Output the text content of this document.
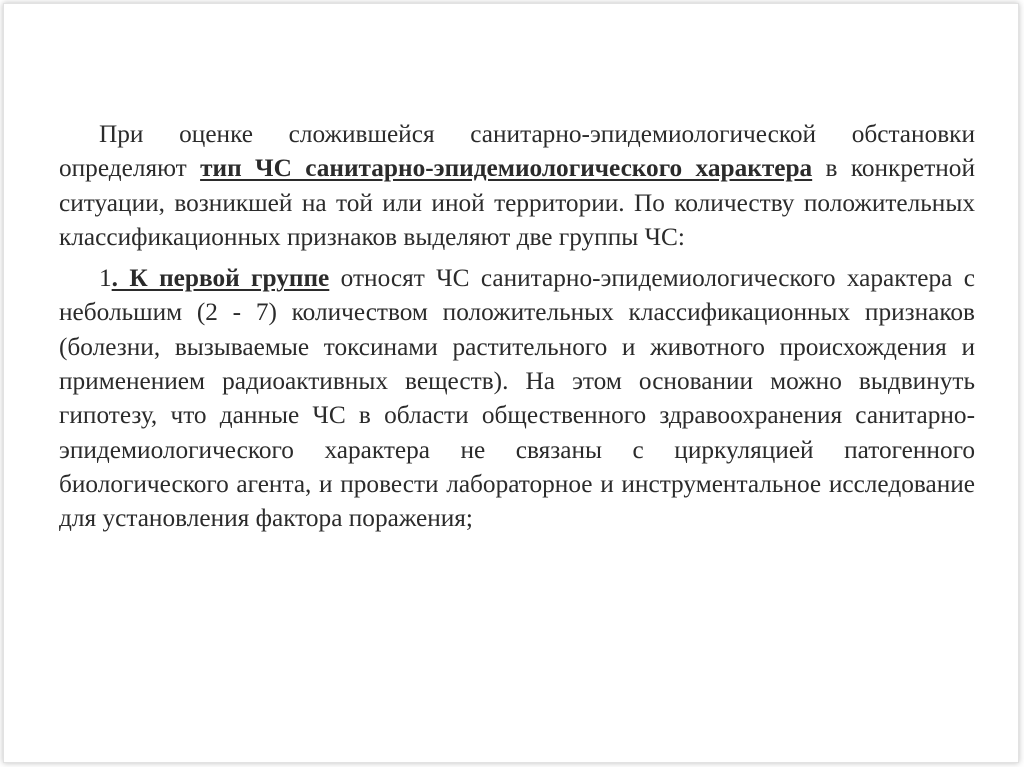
При оценке сложившейся санитарно-эпидемиологической обстановки определяют тип ЧС санитарно-эпидемиологического характера в конкретной ситуации, возникшей на той или иной территории. По количеству положительных классификационных признаков выделяют две группы ЧС:

1. К первой группе относят ЧС санитарно-эпидемиологического характера с небольшим (2 - 7) количеством положительных классификационных признаков (болезни, вызываемые токсинами растительного и животного происхождения и применением радиоактивных веществ). На этом основании можно выдвинуть гипотезу, что данные ЧС в области общественного здравоохранения санитарно-эпидемиологического характера не связаны с циркуляцией патогенного биологического агента, и провести лабораторное и инструментальное исследование для установления фактора поражения;
